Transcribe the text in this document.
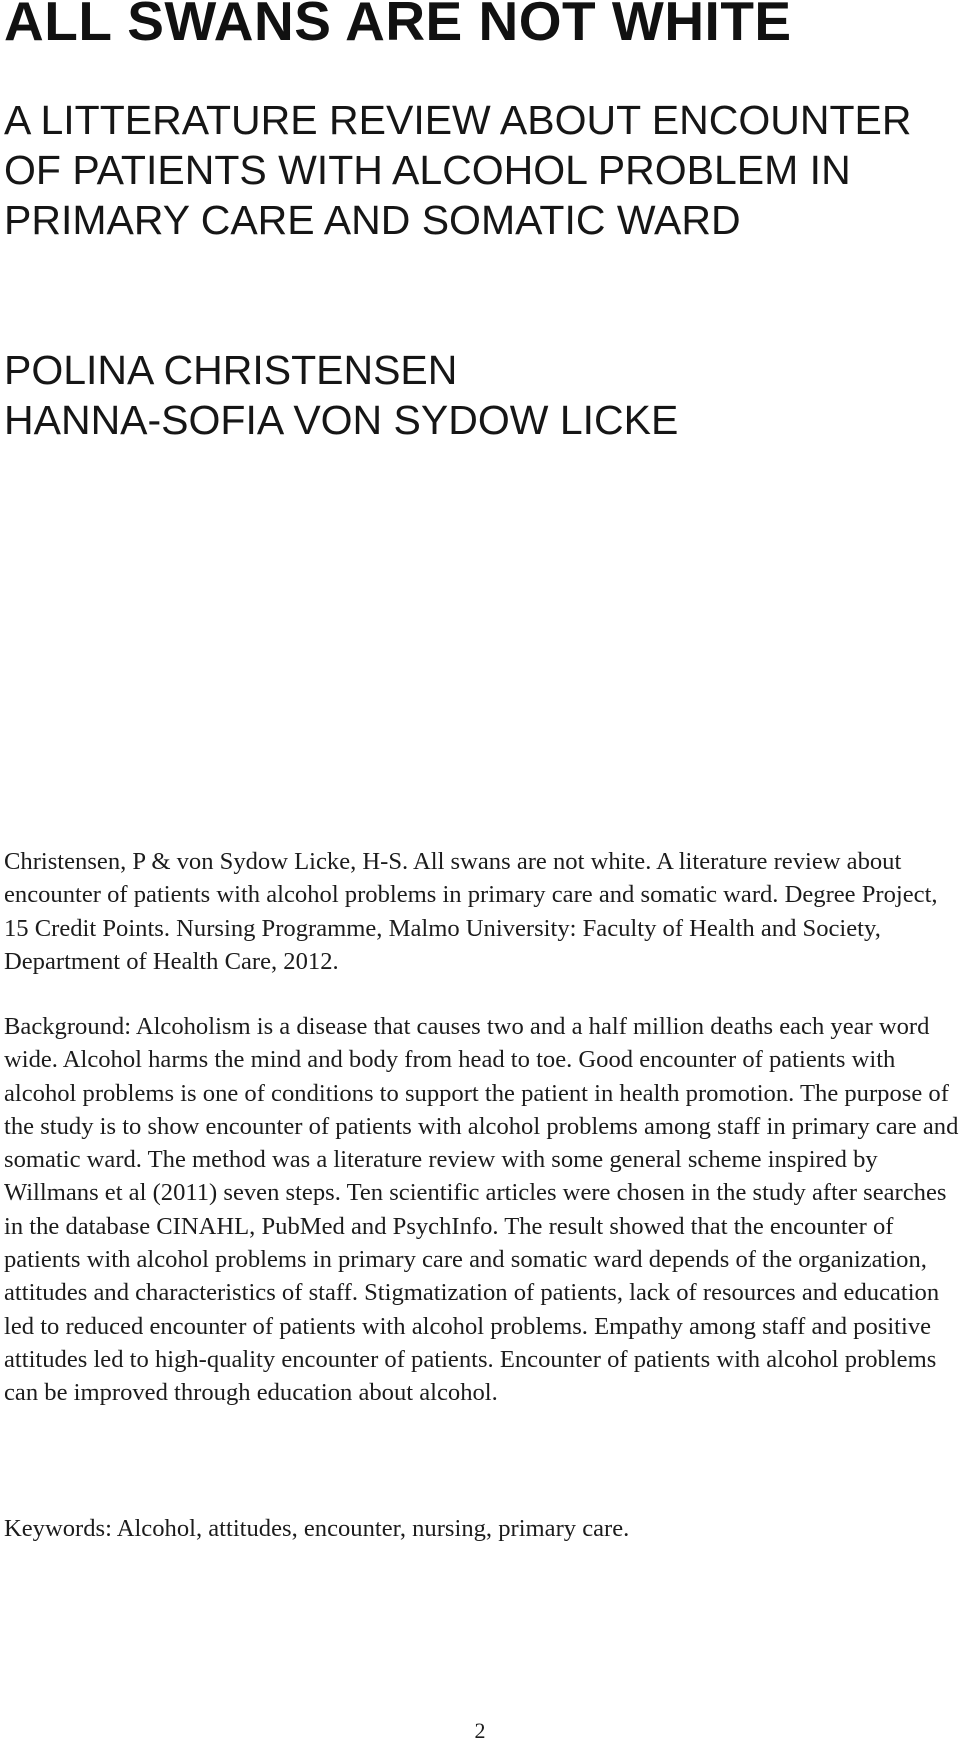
ALL SWANS ARE NOT WHITE
A LITTERATURE REVIEW ABOUT ENCOUNTER OF PATIENTS WITH ALCOHOL PROBLEM IN PRIMARY CARE AND SOMATIC WARD
POLINA CHRISTENSEN
HANNA-SOFIA VON SYDOW LICKE

Christensen, P & von Sydow Licke, H-S. All swans are not white. A literature review about encounter of patients with alcohol problems in primary care and somatic ward. Degree Project, 15 Credit Points. Nursing Programme, Malmo University: Faculty of Health and Society, Department of Health Care, 2012.

Background: Alcoholism is a disease that causes two and a half million deaths each year word wide. Alcohol harms the mind and body from head to toe. Good encounter of patients with alcohol problems is one of conditions to support the patient in health promotion. The purpose of the study is to show encounter of patients with alcohol problems among staff in primary care and somatic ward. The method was a literature review with some general scheme inspired by Willmans et al (2011) seven steps. Ten scientific articles were chosen in the study after searches in the database CINAHL, PubMed and PsychInfo. The result showed that the encounter of patients with alcohol problems in primary care and somatic ward depends of the organization, attitudes and characteristics of staff. Stigmatization of patients, lack of resources and education led to reduced encounter of patients with alcohol problems. Empathy among staff and positive attitudes led to high-quality encounter of patients. Encounter of patients with alcohol problems can be improved through education about alcohol.

Keywords: Alcohol, attitudes, encounter, nursing, primary care.

2
